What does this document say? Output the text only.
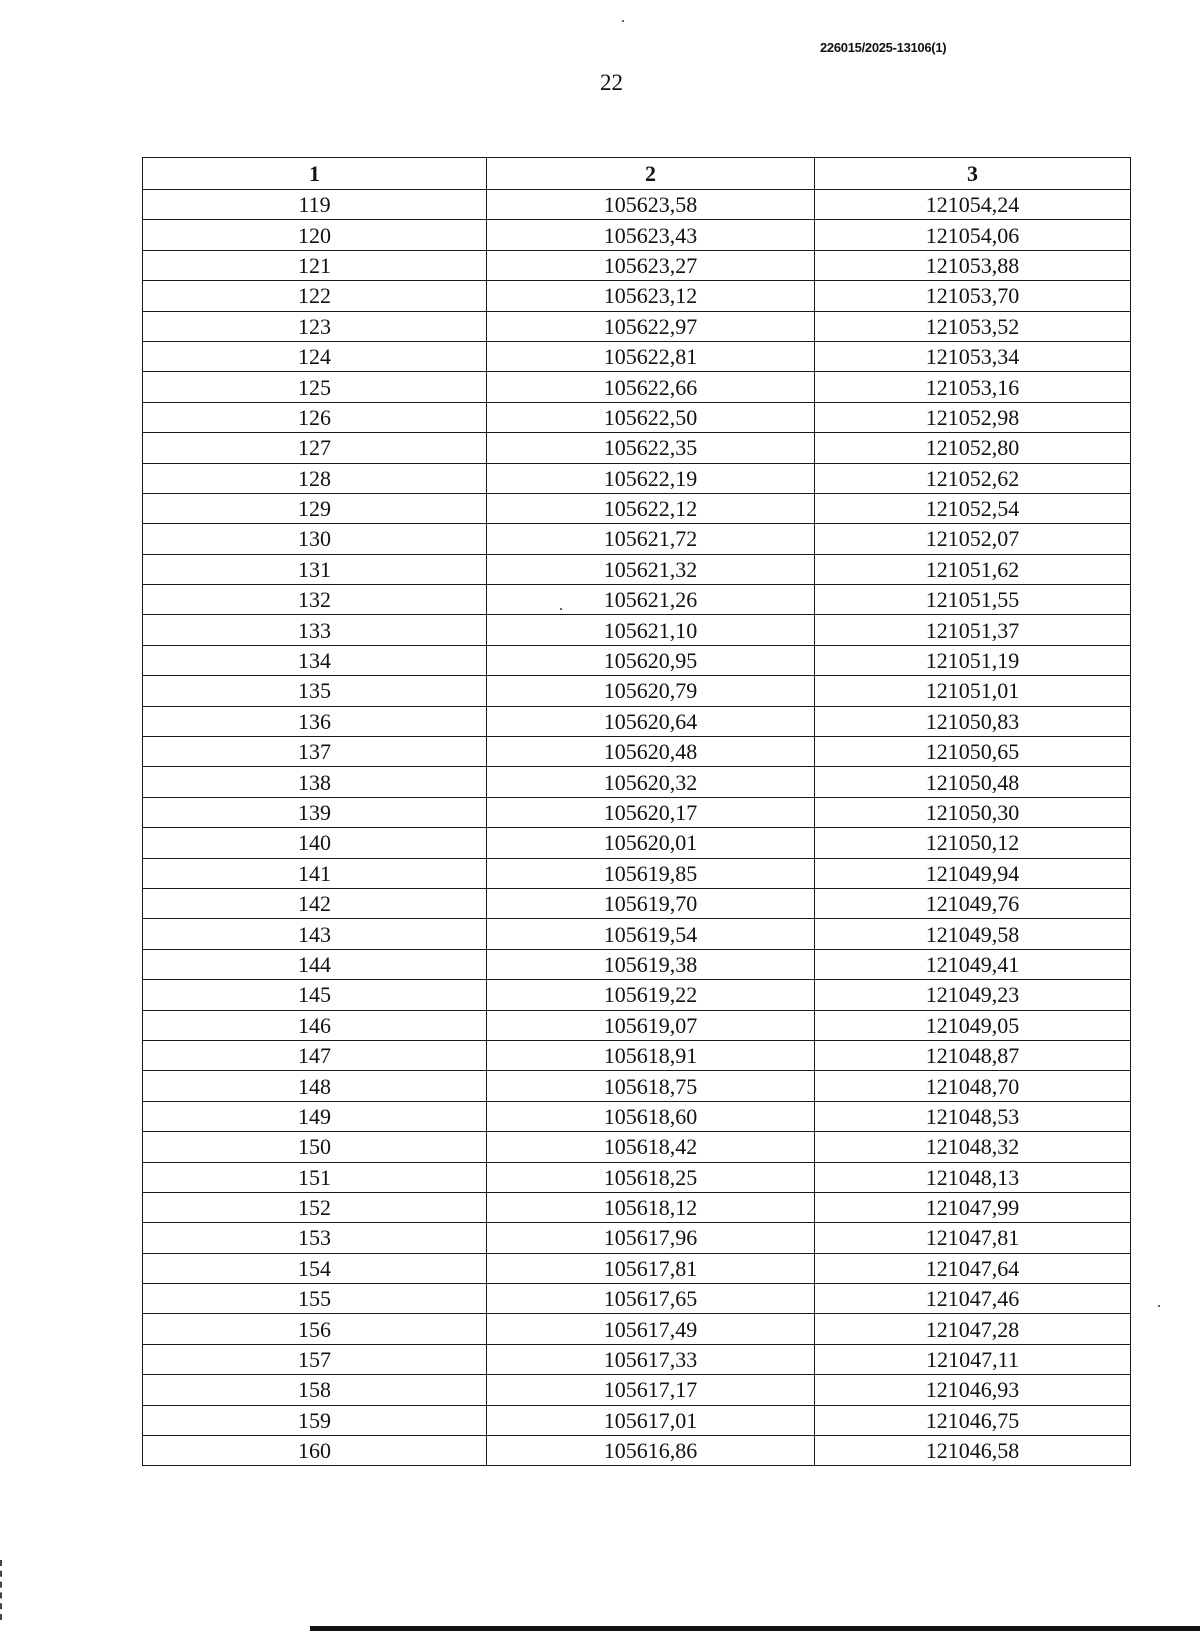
226015/2025-13106(1)
22
1	2	3
119	105623,58	121054,24
120	105623,43	121054,06
121	105623,27	121053,88
122	105623,12	121053,70
123	105622,97	121053,52
124	105622,81	121053,34
125	105622,66	121053,16
126	105622,50	121052,98
127	105622,35	121052,80
128	105622,19	121052,62
129	105622,12	121052,54
130	105621,72	121052,07
131	105621,32	121051,62
132	105621,26	121051,55
133	105621,10	121051,37
134	105620,95	121051,19
135	105620,79	121051,01
136	105620,64	121050,83
137	105620,48	121050,65
138	105620,32	121050,48
139	105620,17	121050,30
140	105620,01	121050,12
141	105619,85	121049,94
142	105619,70	121049,76
143	105619,54	121049,58
144	105619,38	121049,41
145	105619,22	121049,23
146	105619,07	121049,05
147	105618,91	121048,87
148	105618,75	121048,70
149	105618,60	121048,53
150	105618,42	121048,32
151	105618,25	121048,13
152	105618,12	121047,99
153	105617,96	121047,81
154	105617,81	121047,64
155	105617,65	121047,46
156	105617,49	121047,28
157	105617,33	121047,11
158	105617,17	121046,93
159	105617,01	121046,75
160	105616,86	121046,58
